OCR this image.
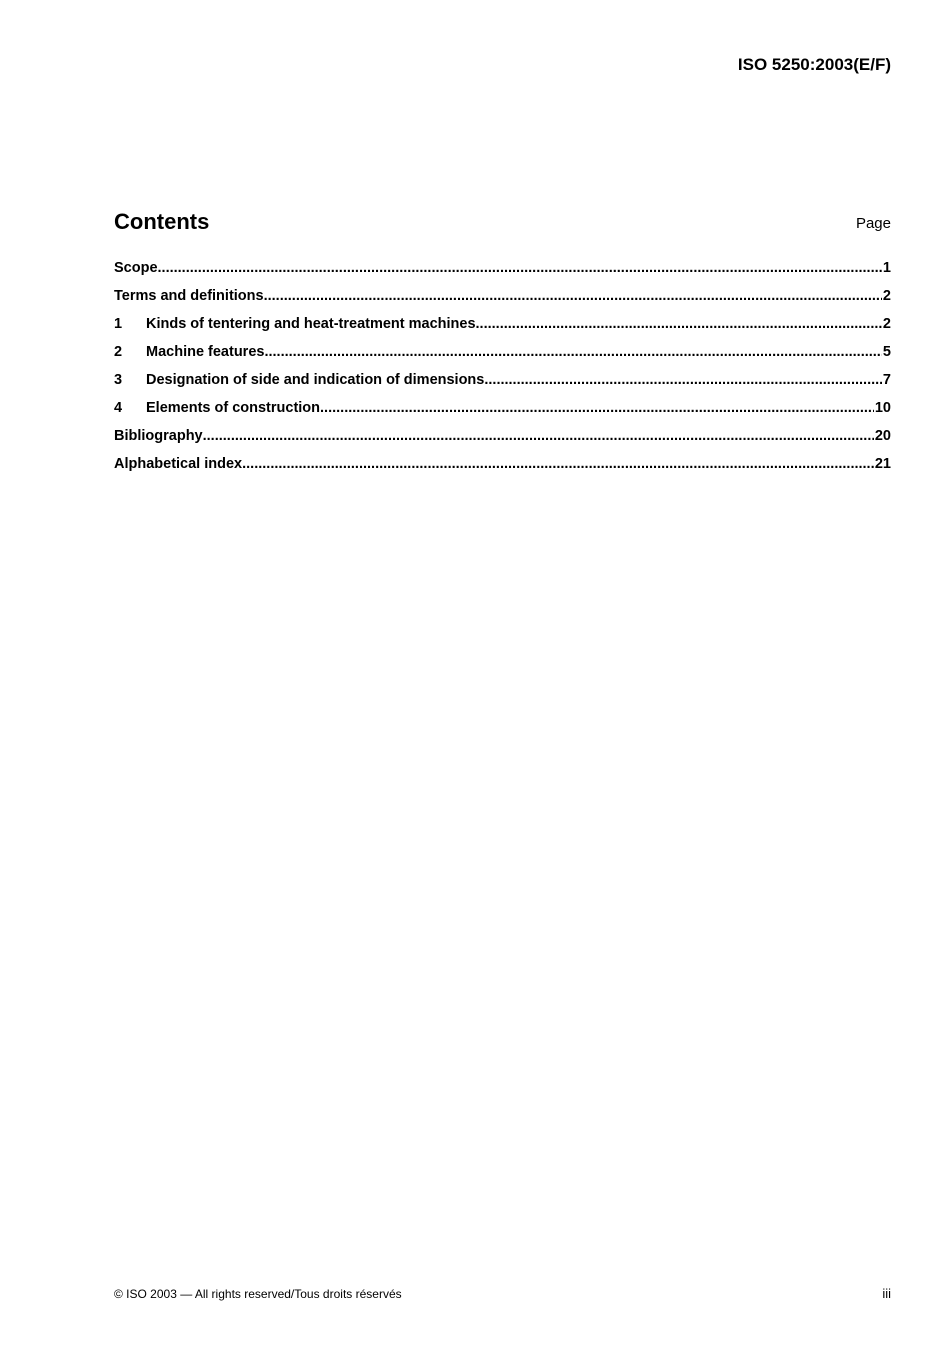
ISO 5250:2003(E/F)
Contents	Page
Scope .....	1
Terms and definitions .....	2
1	Kinds of tentering and heat-treatment machines .....	2
2	Machine features .....	5
3	Designation of side and indication of dimensions .....	7
4	Elements of construction .....	10
Bibliography .....	20
Alphabetical index .....	21
© ISO 2003 — All rights reserved/Tous droits réservés	iii
